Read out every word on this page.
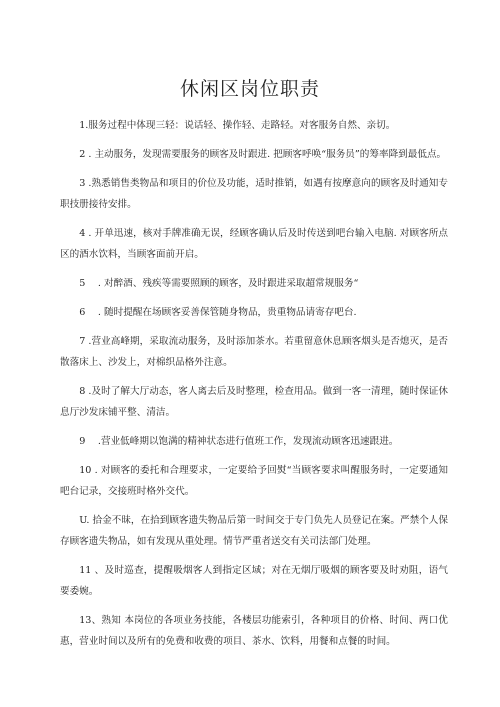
休闲区岗位职责

1.服务过程中体现三轻：说话轻、操作轻、走路轻。对客服务自然、亲切。

2 . 主动服务，发现需要服务的顾客及时跟进. 把顾客呼唤“服务员”的筹率降到最低点。

3 .熟悉销售类物品和项目的价位及功能，适时推销，如遇有按摩意向的顾客及时通知专职技册接待安排。

4 . 开单迅速，核对手牌准确无误，经顾客确认后及时传送到吧台输入电脑. 对顾客所点区的酒水饮料，当顾客面前开启。

5 　. 对醉酒、残疾等需要照顾的顾客，及时跟进采取超常规服务“

6 　. 随时提醒在场顾客妥善保管随身物品，贵重物品请寄存吧台.

7 .营业高峰期，采取流动服务，及时添加茶水。若重留意休息顾客烟头是否熄灭，是否散落床上、沙发上，对棉织品格外注意。

8 .及时了解大厅动态，客人离去后及时整理，检查用品。做到一客一清理，随时保证休息厅沙发床铺平整、清洁。

9 　.营业低峰期以饱满的精神状态进行值班工作，发现流动顾客迅速跟进。

10 . 对顾客的委托和合理要求，一定要给予回熨“当顾客要求叫醒服务时，一定要通知吧台记录，交接班时格外交代。

U. 拾金不昧，在拾到顾客遗失物品后第一时间交于专门负先人员登记在案。严禁个人保存顾客遗失物品，如有发现从重处理。情节严重者送交有关司法部门处理。

11 、及时巡查，提醒吸烟客人到指定区域；对在无烟厅吸烟的顾客要及时劝阻，语气要委婉。

13、熟知 本岗位的各项业务技能，各楼层功能索引，各种项目的价格、时间、两口优惠，营业时间以及所有的免费和收费的项目、茶水、饮料，用餐和点餐的时间。
